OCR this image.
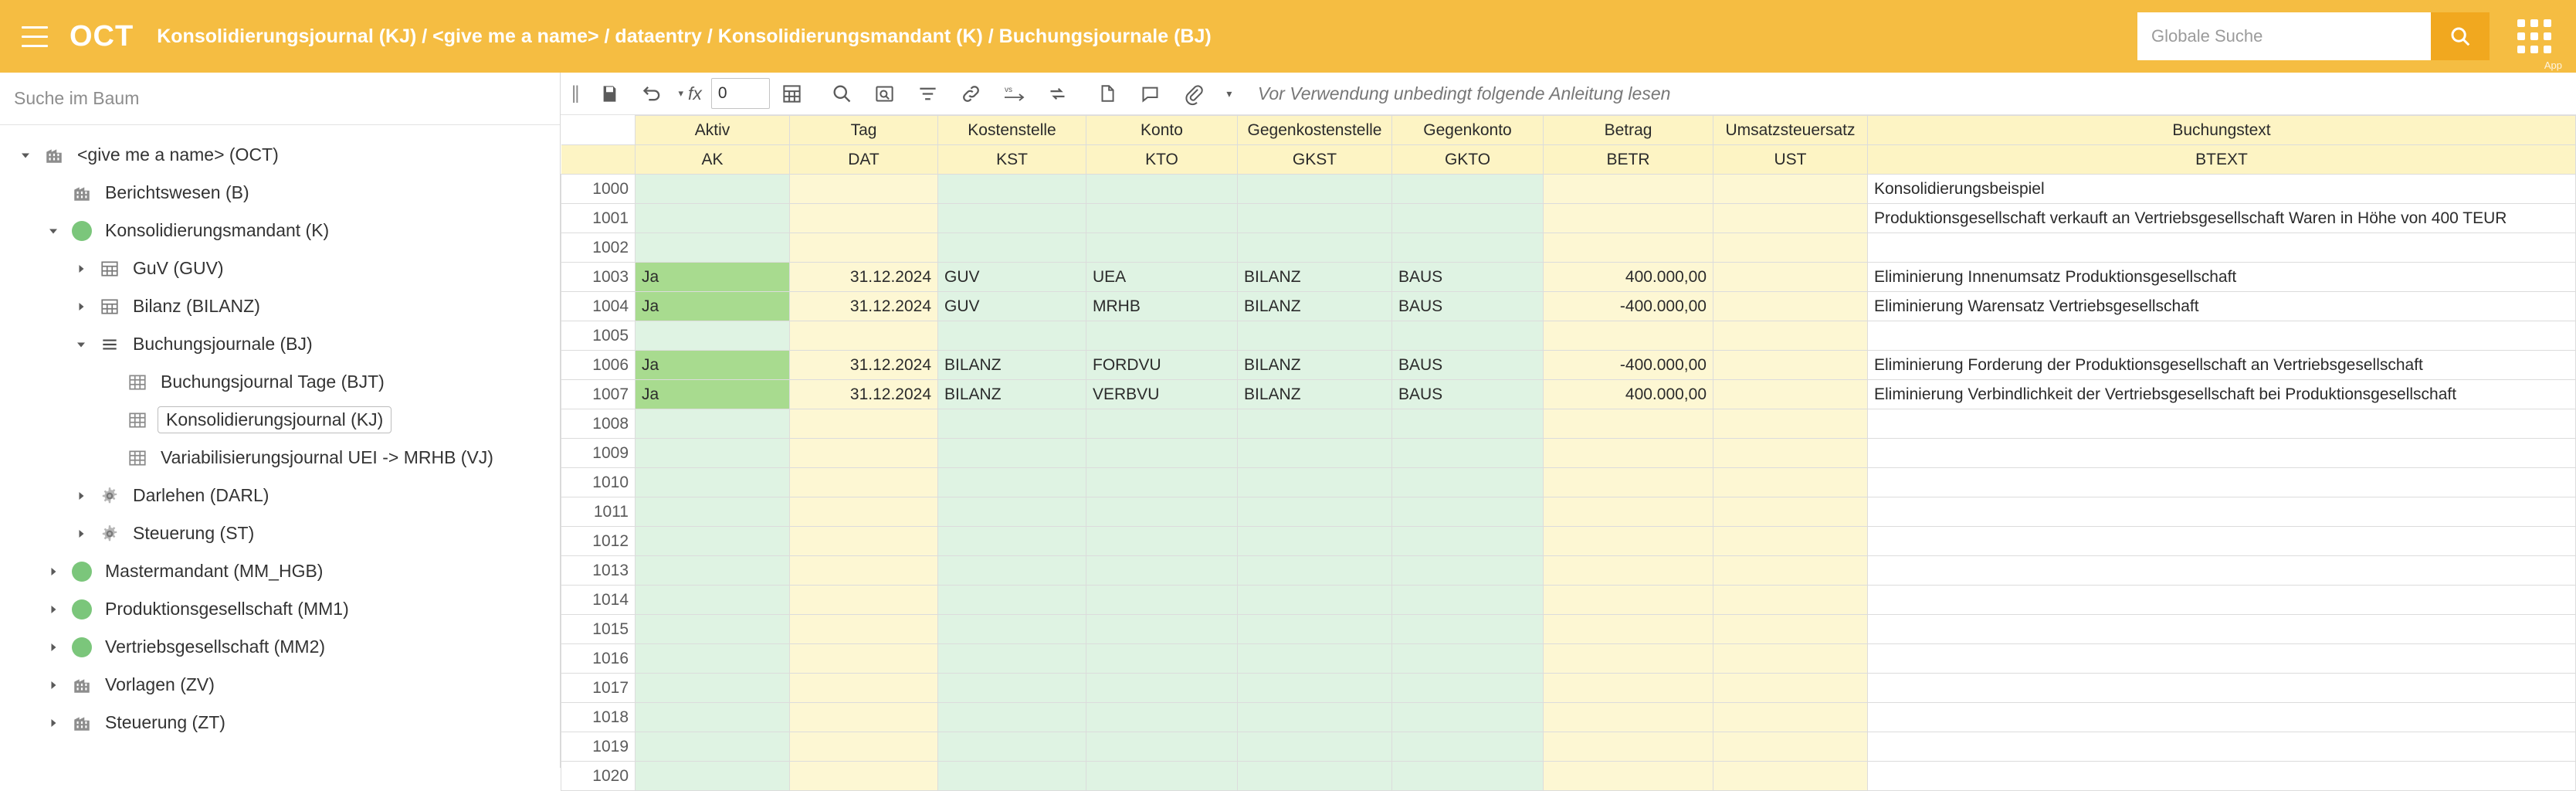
OCT Konsolidierungsjournal (KJ) / <give me a name> / dataentry / Konsolidierungsmandant (K) / Buchungsjournale (BJ)
Globale Suche
App
Suche im Baum
<give me a name> (OCT)
Berichtswesen (B)
Konsolidierungsmandant (K)
GuV (GUV)
Bilanz (BILANZ)
Buchungsjournale (BJ)
Buchungsjournal Tage (BJT)
Konsolidierungsjournal (KJ)
Variabilisierungsjournal UEI -> MRHB (VJ)
Darlehen (DARL)
Steuerung (ST)
Mastermandant (MM_HGB)
Produktionsgesellschaft (MM1)
Vertriebsgesellschaft (MM2)
Vorlagen (ZV)
Steuerung (ZT)
||	▾ fx
0	vs	▾	Vor Verwendung unbedingt folgende Anleitung lesen
	Aktiv	Tag	Kostenstelle	Konto	Gegenkostenstelle	Gegenkonto	Betrag	Umsatzsteuersatz	Buchungstext
	AK	DAT	KST	KTO	GKST	GKTO	BETR	UST	BTEXT
1000									Konsolidierungsbeispiel
1001									Produktionsgesellschaft verkauft an Vertriebsgesellschaft Waren in Höhe von 400 TEUR
1002									
1003	Ja	31.12.2024	GUV	UEA	BILANZ	BAUS	400.000,00		Eliminierung Innenumsatz Produktionsgesellschaft
1004	Ja	31.12.2024	GUV	MRHB	BILANZ	BAUS	-400.000,00		Eliminierung Warensatz Vertriebsgesellschaft
1005									
1006	Ja	31.12.2024	BILANZ	FORDVU	BILANZ	BAUS	-400.000,00		Eliminierung Forderung der Produktionsgesellschaft an Vertriebsgesellschaft
1007	Ja	31.12.2024	BILANZ	VERBVU	BILANZ	BAUS	400.000,00		Eliminierung Verbindlichkeit der Vertriebsgesellschaft bei Produktionsgesellschaft
1008									
1009									
1010									
1011									
1012									
1013									
1014									
1015									
1016									
1017									
1018									
1019									
1020									
